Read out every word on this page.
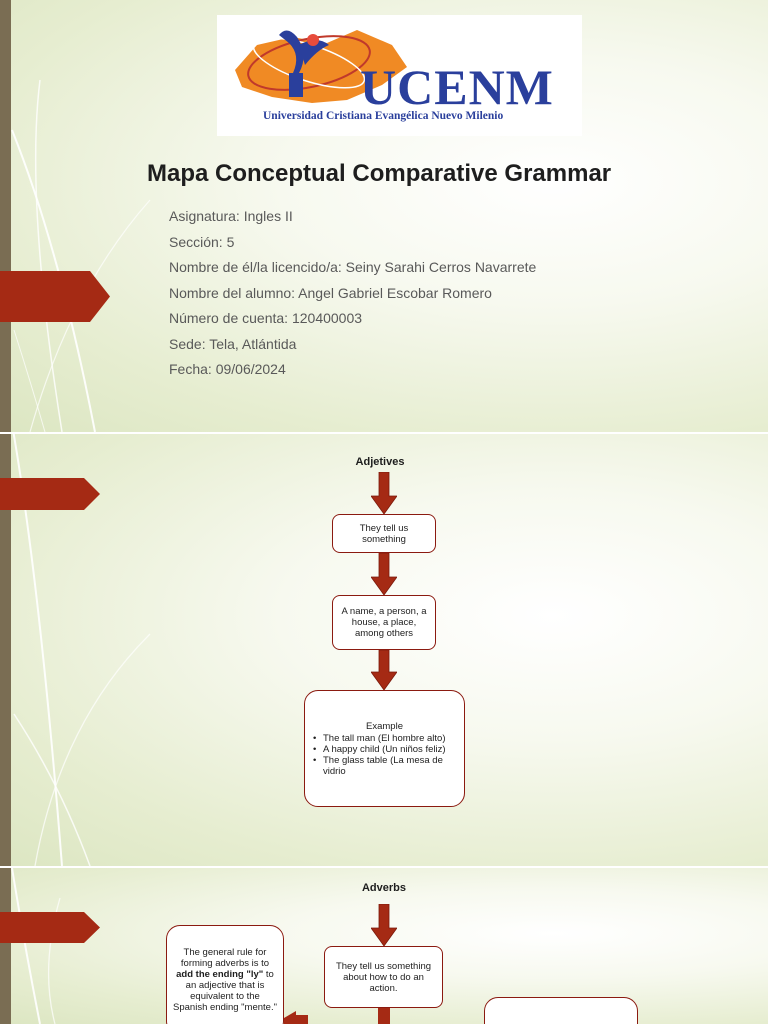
UCENM
Universidad Cristiana Evangélica Nuevo Milenio
Mapa Conceptual Comparative Grammar
Asignatura: Ingles II
Sección: 5
Nombre de él/la licencido/a: Seiny Sarahi Cerros Navarrete
Nombre del alumno: Angel Gabriel Escobar Romero
Número de cuenta: 120400003
Sede: Tela, Atlántida
Fecha: 09/06/2024
Adjetives
They tell us something
A name, a person, a house, a place, among others
Example
• The tall man (El hombre alto)
• A happy child (Un niños feliz)
• The glass table (La mesa de vidrio
Adverbs
They tell us something about how to do an action.
The general rule for forming adverbs is to add the ending "ly" to an adjective that is equivalent to the Spanish ending "mente."
